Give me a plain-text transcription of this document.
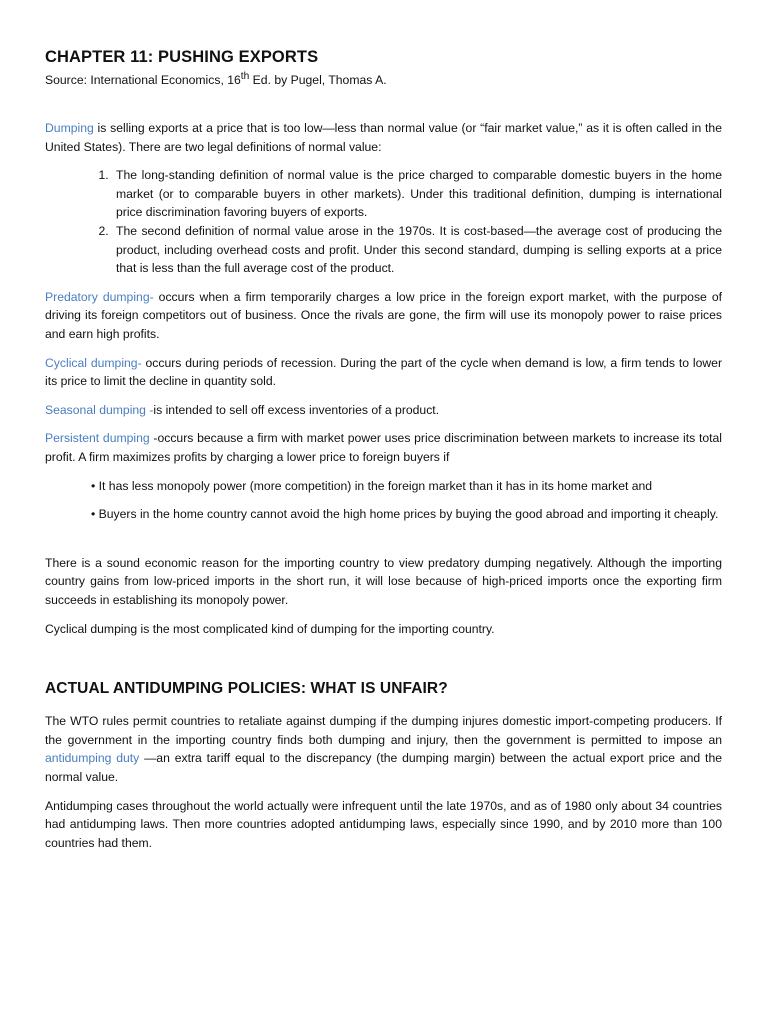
CHAPTER 11: PUSHING EXPORTS
Source: International Economics, 16th Ed. by Pugel, Thomas A.

Dumping is selling exports at a price that is too low—less than normal value (or “fair market value,” as it is often called in the United States). There are two legal definitions of normal value:

1. The long-standing definition of normal value is the price charged to comparable domestic buyers in the home market (or to comparable buyers in other markets). Under this traditional definition, dumping is international price discrimination favoring buyers of exports.
2. The second definition of normal value arose in the 1970s. It is cost-based—the average cost of producing the product, including overhead costs and profit. Under this second standard, dumping is selling exports at a price that is less than the full average cost of the product.

Predatory dumping- occurs when a firm temporarily charges a low price in the foreign export market, with the purpose of driving its foreign competitors out of business. Once the rivals are gone, the firm will use its monopoly power to raise prices and earn high profits.

Cyclical dumping- occurs during periods of recession. During the part of the cycle when demand is low, a firm tends to lower its price to limit the decline in quantity sold.

Seasonal dumping -is intended to sell off excess inventories of a product.

Persistent dumping -occurs because a firm with market power uses price discrimination between markets to increase its total profit. A firm maximizes profits by charging a lower price to foreign buyers if

• It has less monopoly power (more competition) in the foreign market than it has in its home market and
• Buyers in the home country cannot avoid the high home prices by buying the good abroad and importing it cheaply.

There is a sound economic reason for the importing country to view predatory dumping negatively. Although the importing country gains from low-priced imports in the short run, it will lose because of high-priced imports once the exporting firm succeeds in establishing its monopoly power.

Cyclical dumping is the most complicated kind of dumping for the importing country.

ACTUAL ANTIDUMPING POLICIES: WHAT IS UNFAIR?

The WTO rules permit countries to retaliate against dumping if the dumping injures domestic import-competing producers. If the government in the importing country finds both dumping and injury, then the government is permitted to impose an antidumping duty —an extra tariff equal to the discrepancy (the dumping margin) between the actual export price and the normal value.

Antidumping cases throughout the world actually were infrequent until the late 1970s, and as of 1980 only about 34 countries had antidumping laws. Then more countries adopted antidumping laws, especially since 1990, and by 2010 more than 100 countries had them.
